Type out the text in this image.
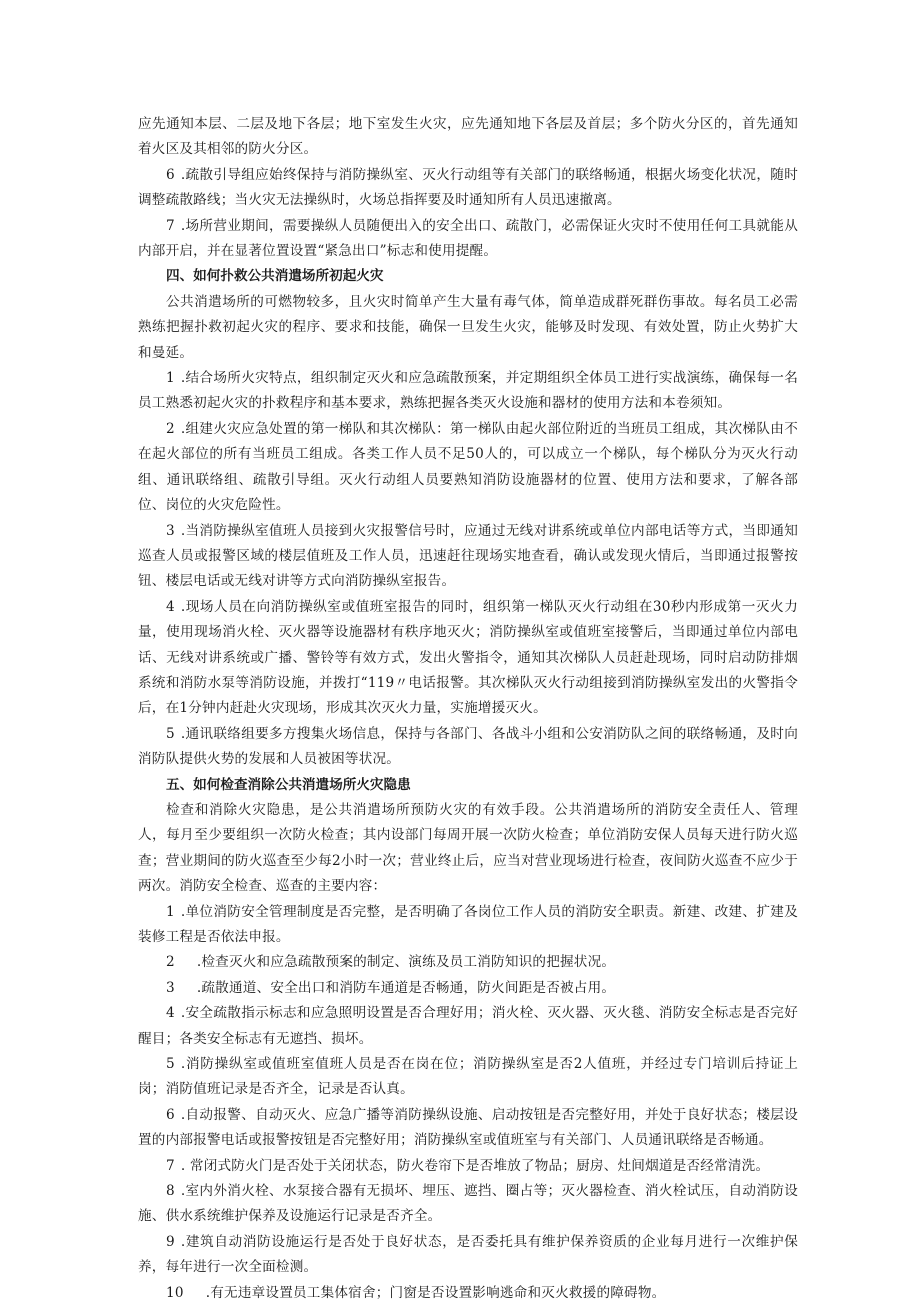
应先通知本层、二层及地下各层；地下室发生火灾，应先通知地下各层及首层；多个防火分区的，首先通知着火区及其相邻的防火分区。

6 .疏散引导组应始终保持与消防操纵室、灭火行动组等有关部门的联络畅通，根据火场变化状况，随时调整疏散路线；当火灾无法操纵时，火场总指挥要及时通知所有人员迅速撤离。

7 .场所营业期间，需要操纵人员随便出入的安全出口、疏散门，必需保证火灾时不使用任何工具就能从内部开启，并在显著位置设置“紧急出口”标志和使用提醒。

四、如何扑救公共消遣场所初起火灾

公共消遣场所的可燃物较多，且火灾时简单产生大量有毒气体，简单造成群死群伤事故。每名员工必需熟练把握扑救初起火灾的程序、要求和技能，确保一旦发生火灾，能够及时发现、有效处置，防止火势扩大和曼延。

1 .结合场所火灾特点，组织制定灭火和应急疏散预案，并定期组织全体员工进行实战演练，确保每一名员工熟悉初起火灾的扑救程序和基本要求，熟练把握各类灭火设施和器材的使用方法和本卷须知。

2 .组建火灾应急处置的第一梯队和其次梯队：第一梯队由起火部位附近的当班员工组成，其次梯队由不在起火部位的所有当班员工组成。各类工作人员不足50人的，可以成立一个梯队，每个梯队分为灭火行动组、通讯联络组、疏散引导组。灭火行动组人员要熟知消防设施器材的位置、使用方法和要求，了解各部位、岗位的火灾危险性。

3 .当消防操纵室值班人员接到火灾报警信号时，应通过无线对讲系统或单位内部电话等方式，当即通知巡查人员或报警区域的楼层值班及工作人员，迅速赶往现场实地查看，确认或发现火情后，当即通过报警按钮、楼层电话或无线对讲等方式向消防操纵室报告。

4 .现场人员在向消防操纵室或值班室报告的同时，组织第一梯队灭火行动组在30秒内形成第一灭火力量，使用现场消火栓、灭火器等设施器材有秩序地灭火；消防操纵室或值班室接警后，当即通过单位内部电话、无线对讲系统或广播、警铃等有效方式，发出火警指令，通知其次梯队人员赶赴现场，同时启动防排烟系统和消防水泵等消防设施，并拨打“119〃电话报警。其次梯队灭火行动组接到消防操纵室发出的火警指令后，在1分钟内赶赴火灾现场，形成其次灭火力量，实施增援灭火。

5 .通讯联络组要多方搜集火场信息，保持与各部门、各战斗小组和公安消防队之间的联络畅通，及时向消防队提供火势的发展和人员被困等状况。

五、如何检查消除公共消遣场所火灾隐患

检查和消除火灾隐患，是公共消遣场所预防火灾的有效手段。公共消遣场所的消防安全责任人、管理人，每月至少要组织一次防火检查；其内设部门每周开展一次防火检查；单位消防安保人员每天进行防火巡查；营业期间的防火巡查至少每2小时一次；营业终止后，应当对营业现场进行检查，夜间防火巡查不应少于两次。消防安全检查、巡查的主要内容：

1 .单位消防安全管理制度是否完整，是否明确了各岗位工作人员的消防安全职责。新建、改建、扩建及装修工程是否依法申报。

2 .检查灭火和应急疏散预案的制定、演练及员工消防知识的把握状况。

3 .疏散通道、安全出口和消防车通道是否畅通，防火间距是否被占用。

4 .安全疏散指示标志和应急照明设置是否合理好用；消火栓、灭火器、灭火毯、消防安全标志是否完好醒目；各类安全标志有无遮挡、损坏。

5 .消防操纵室或值班室值班人员是否在岗在位；消防操纵室是否2人值班，并经过专门培训后持证上岗；消防值班记录是否齐全，记录是否认真。

6 .自动报警、自动灭火、应急广播等消防操纵设施、启动按钮是否完整好用，并处于良好状态；楼层设置的内部报警电话或报警按钮是否完整好用；消防操纵室或值班室与有关部门、人员通讯联络是否畅通。

7 . 常闭式防火门是否处于关闭状态，防火卷帘下是否堆放了物品；厨房、灶间烟道是否经常清洗。

8 .室内外消火栓、水泵接合器有无损坏、埋压、遮挡、圈占等；灭火器检查、消火栓试压，自动消防设施、供水系统维护保养及设施运行记录是否齐全。

9 .建筑自动消防设施运行是否处于良好状态，是否委托具有维护保养资质的企业每月进行一次维护保养，每年进行一次全面检测。

10 .有无违章设置员工集体宿舍；门窗是否设置影响逃命和灭火救援的障碍物。
